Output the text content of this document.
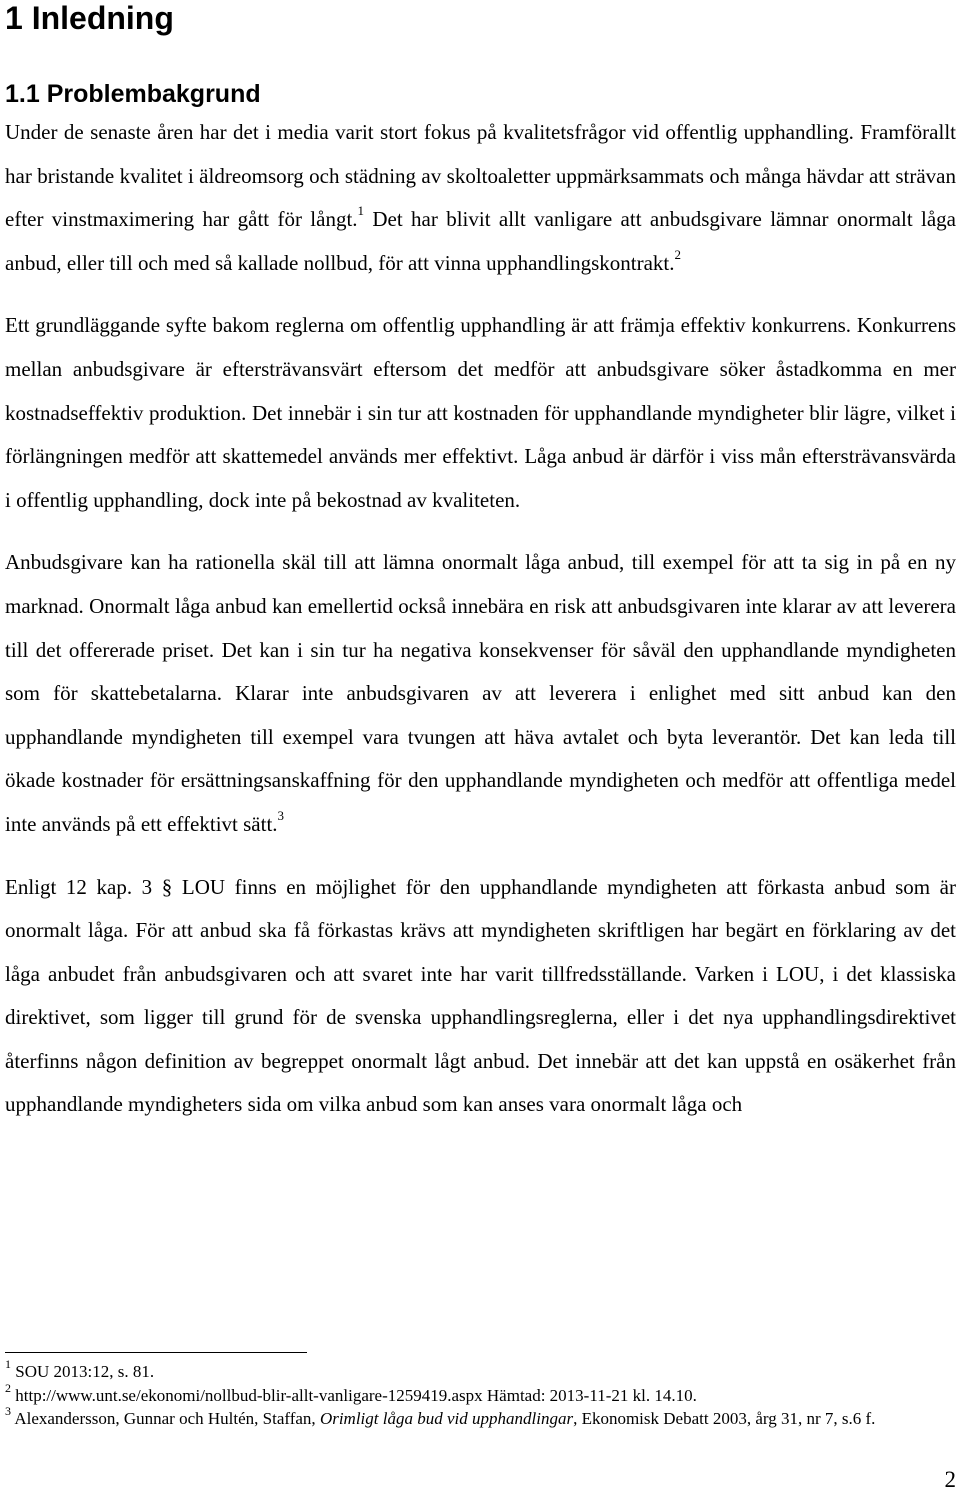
1 Inledning
1.1 Problembakgrund

Under de senaste åren har det i media varit stort fokus på kvalitetsfrågor vid offentlig upphandling. Framförallt har bristande kvalitet i äldreomsorg och städning av skoltoaletter uppmärksammats och många hävdar att strävan efter vinstmaximering har gått för långt.$^1$ Det har blivit allt vanligare att anbudsgivare lämnar onormalt låga anbud, eller till och med så kallade nollbud, för att vinna upphandlingskontrakt.$^2$

Ett grundläggande syfte bakom reglerna om offentlig upphandling är att främja effektiv konkurrens. Konkurrens mellan anbudsgivare är eftersträvansvärt eftersom det medför att anbudsgivare söker åstadkomma en mer kostnadseffektiv produktion. Det innebär i sin tur att kostnaden för upphandlande myndigheter blir lägre, vilket i förlängningen medför att skattemedel används mer effektivt. Låga anbud är därför i viss mån eftersträvansvärda i offentlig upphandling, dock inte på bekostnad av kvaliteten.

Anbudsgivare kan ha rationella skäl till att lämna onormalt låga anbud, till exempel för att ta sig in på en ny marknad. Onormalt låga anbud kan emellertid också innebära en risk att anbudsgivaren inte klarar av att leverera till det offererade priset. Det kan i sin tur ha negativa konsekvenser för såväl den upphandlande myndigheten som för skattebetalarna. Klarar inte anbudsgivaren av att leverera i enlighet med sitt anbud kan den upphandlande myndigheten till exempel vara tvungen att häva avtalet och byta leverantör. Det kan leda till ökade kostnader för ersättningsanskaffning för den upphandlande myndigheten och medför att offentliga medel inte används på ett effektivt sätt.$^3$

Enligt 12 kap. 3 § LOU finns en möjlighet för den upphandlande myndigheten att förkasta anbud som är onormalt låga. För att anbud ska få förkastas krävs att myndigheten skriftligen har begärt en förklaring av det låga anbudet från anbudsgivaren och att svaret inte har varit tillfredsställande. Varken i LOU, i det klassiska direktivet, som ligger till grund för de svenska upphandlingsreglerna, eller i det nya upphandlingsdirektivet återfinns någon definition av begreppet onormalt lågt anbud. Det innebär att det kan uppstå en osäkerhet från upphandlande myndigheters sida om vilka anbud som kan anses vara onormalt låga och

$^1$ SOU 2013:12, s. 81.
$^2$ http://www.unt.se/ekonomi/nollbud-blir-allt-vanligare-1259419.aspx Hämtad: 2013-11-21 kl. 14.10.
$^3$ Alexandersson, Gunnar och Hultén, Staffan, Orimligt låga bud vid upphandlingar, Ekonomisk Debatt 2003, årg 31, nr 7, s.6 f.
2
